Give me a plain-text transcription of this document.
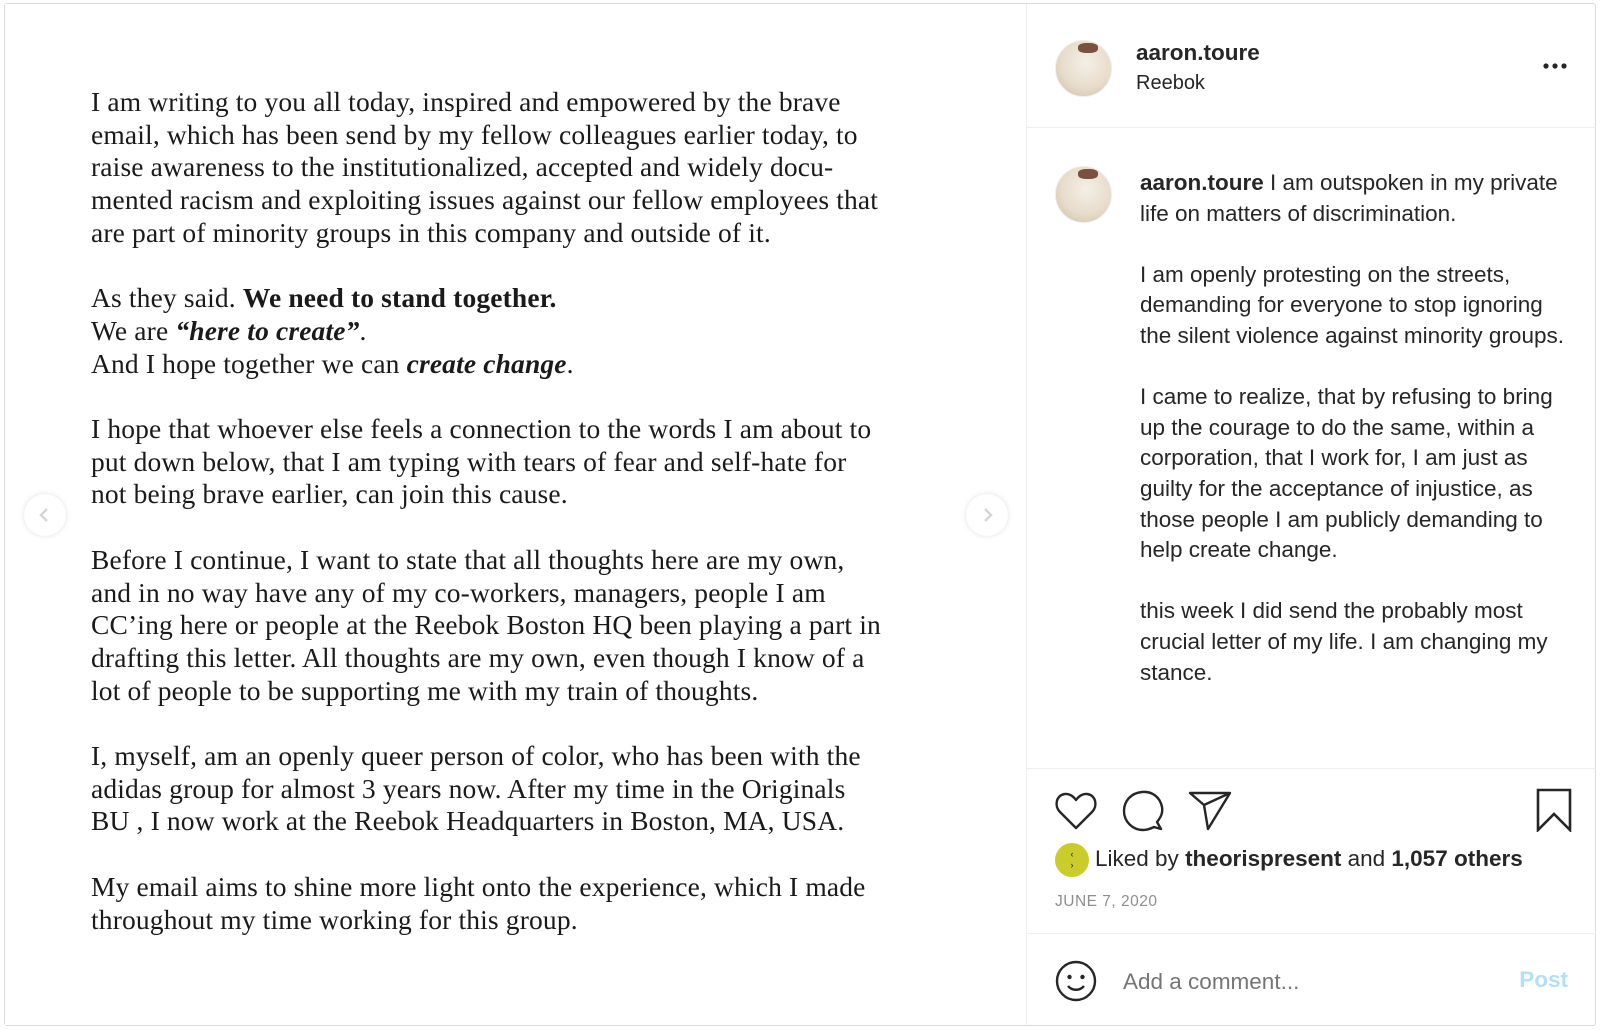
I am writing to you all today, inspired and empowered by the brave
email, which has been send by my fellow colleagues earlier today, to
raise awareness to the institutionalized, accepted and widely docu-
mented racism and exploiting issues against our fellow employees that
are part of minority groups in this company and outside of it.

As they said. We need to stand together.
We are “here to create”.
And I hope together we can create change.

I hope that whoever else feels a connection to the words I am about to
put down below, that I am typing with tears of fear and self-hate for
not being brave earlier, can join this cause.

Before I continue, I want to state that all thoughts here are my own,
and in no way have any of my co-workers, managers, people I am
CC’ing here or people at the Reebok Boston HQ been playing a part in
drafting this letter. All thoughts are my own, even though I know of a
lot of people to be supporting me with my train of thoughts.

I, myself, am an openly queer person of color, who has been with the
adidas group for almost 3 years now. After my time in the Originals
BU , I now work at the Reebok Headquarters in Boston, MA, USA.

My email aims to shine more light onto the experience, which I made
throughout my time working for this group.

aaron.toure
Reebok

aaron.toure I am outspoken in my private life on matters of discrimination.

I am openly protesting on the streets, demanding for everyone to stop ignoring the silent violence against minority groups.

I came to realize, that by refusing to bring up the courage to do the same, within a corporation, that I work for, I am just as guilty for the acceptance of injustice, as those people I am publicly demanding to help create change.

this week I did send the probably most crucial letter of my life. I am changing my stance.

‹
› Liked by theorispresent and 1,057 others
JUNE 7, 2020
Add a comment...
Post
